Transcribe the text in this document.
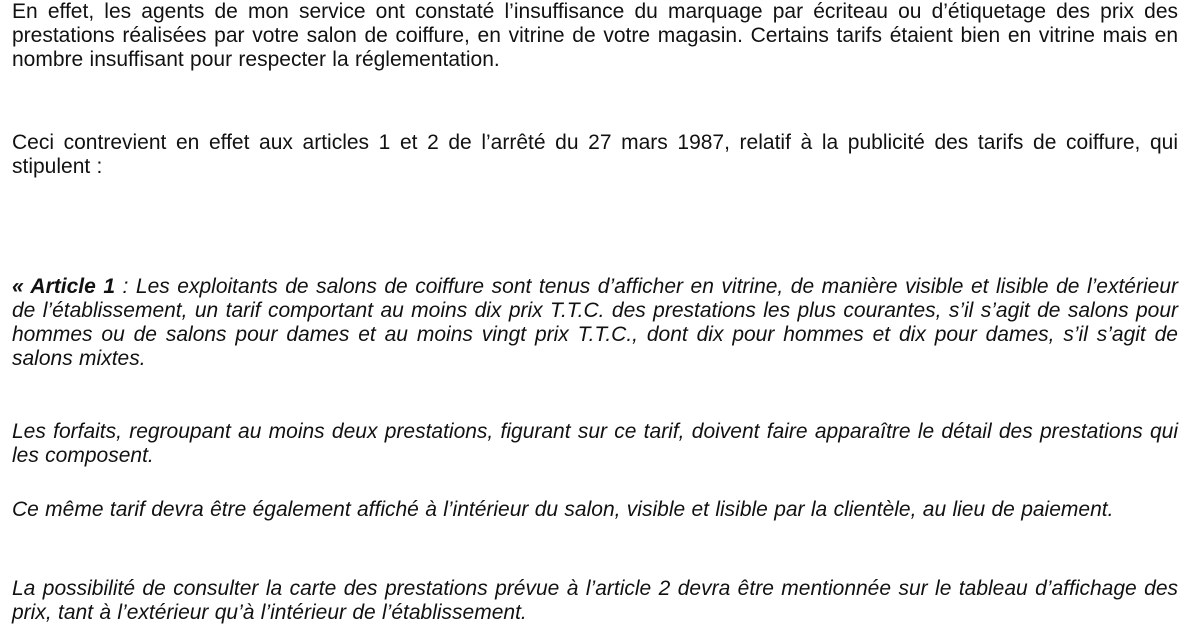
En effet, les agents de mon service ont constaté l’insuffisance du marquage par écriteau ou d’étiquetage des prix des prestations réalisées par votre salon de coiffure, en vitrine de votre magasin. Certains tarifs étaient bien en vitrine mais en nombre insuffisant pour respecter la réglementation.

Ceci contrevient en effet aux articles 1 et 2 de l’arrêté du 27 mars 1987, relatif à la publicité des tarifs de coiffure, qui stipulent :

« Article 1 : Les exploitants de salons de coiffure sont tenus d’afficher en vitrine, de manière visible et lisible de l’extérieur de l’établissement, un tarif comportant au moins dix prix T.T.C. des prestations les plus courantes, s’il s’agit de salons pour hommes ou de salons pour dames et au moins vingt prix T.T.C., dont dix pour hommes et dix pour dames, s’il s’agit de salons mixtes.

Les forfaits, regroupant au moins deux prestations, figurant sur ce tarif, doivent faire apparaître le détail des prestations qui les composent.

Ce même tarif devra être également affiché à l’intérieur du salon, visible et lisible par la clientèle, au lieu de paiement.

La possibilité de consulter la carte des prestations prévue à l’article 2 devra être mentionnée sur le tableau d’affichage des prix, tant à l’extérieur qu’à l’intérieur de l’établissement.
